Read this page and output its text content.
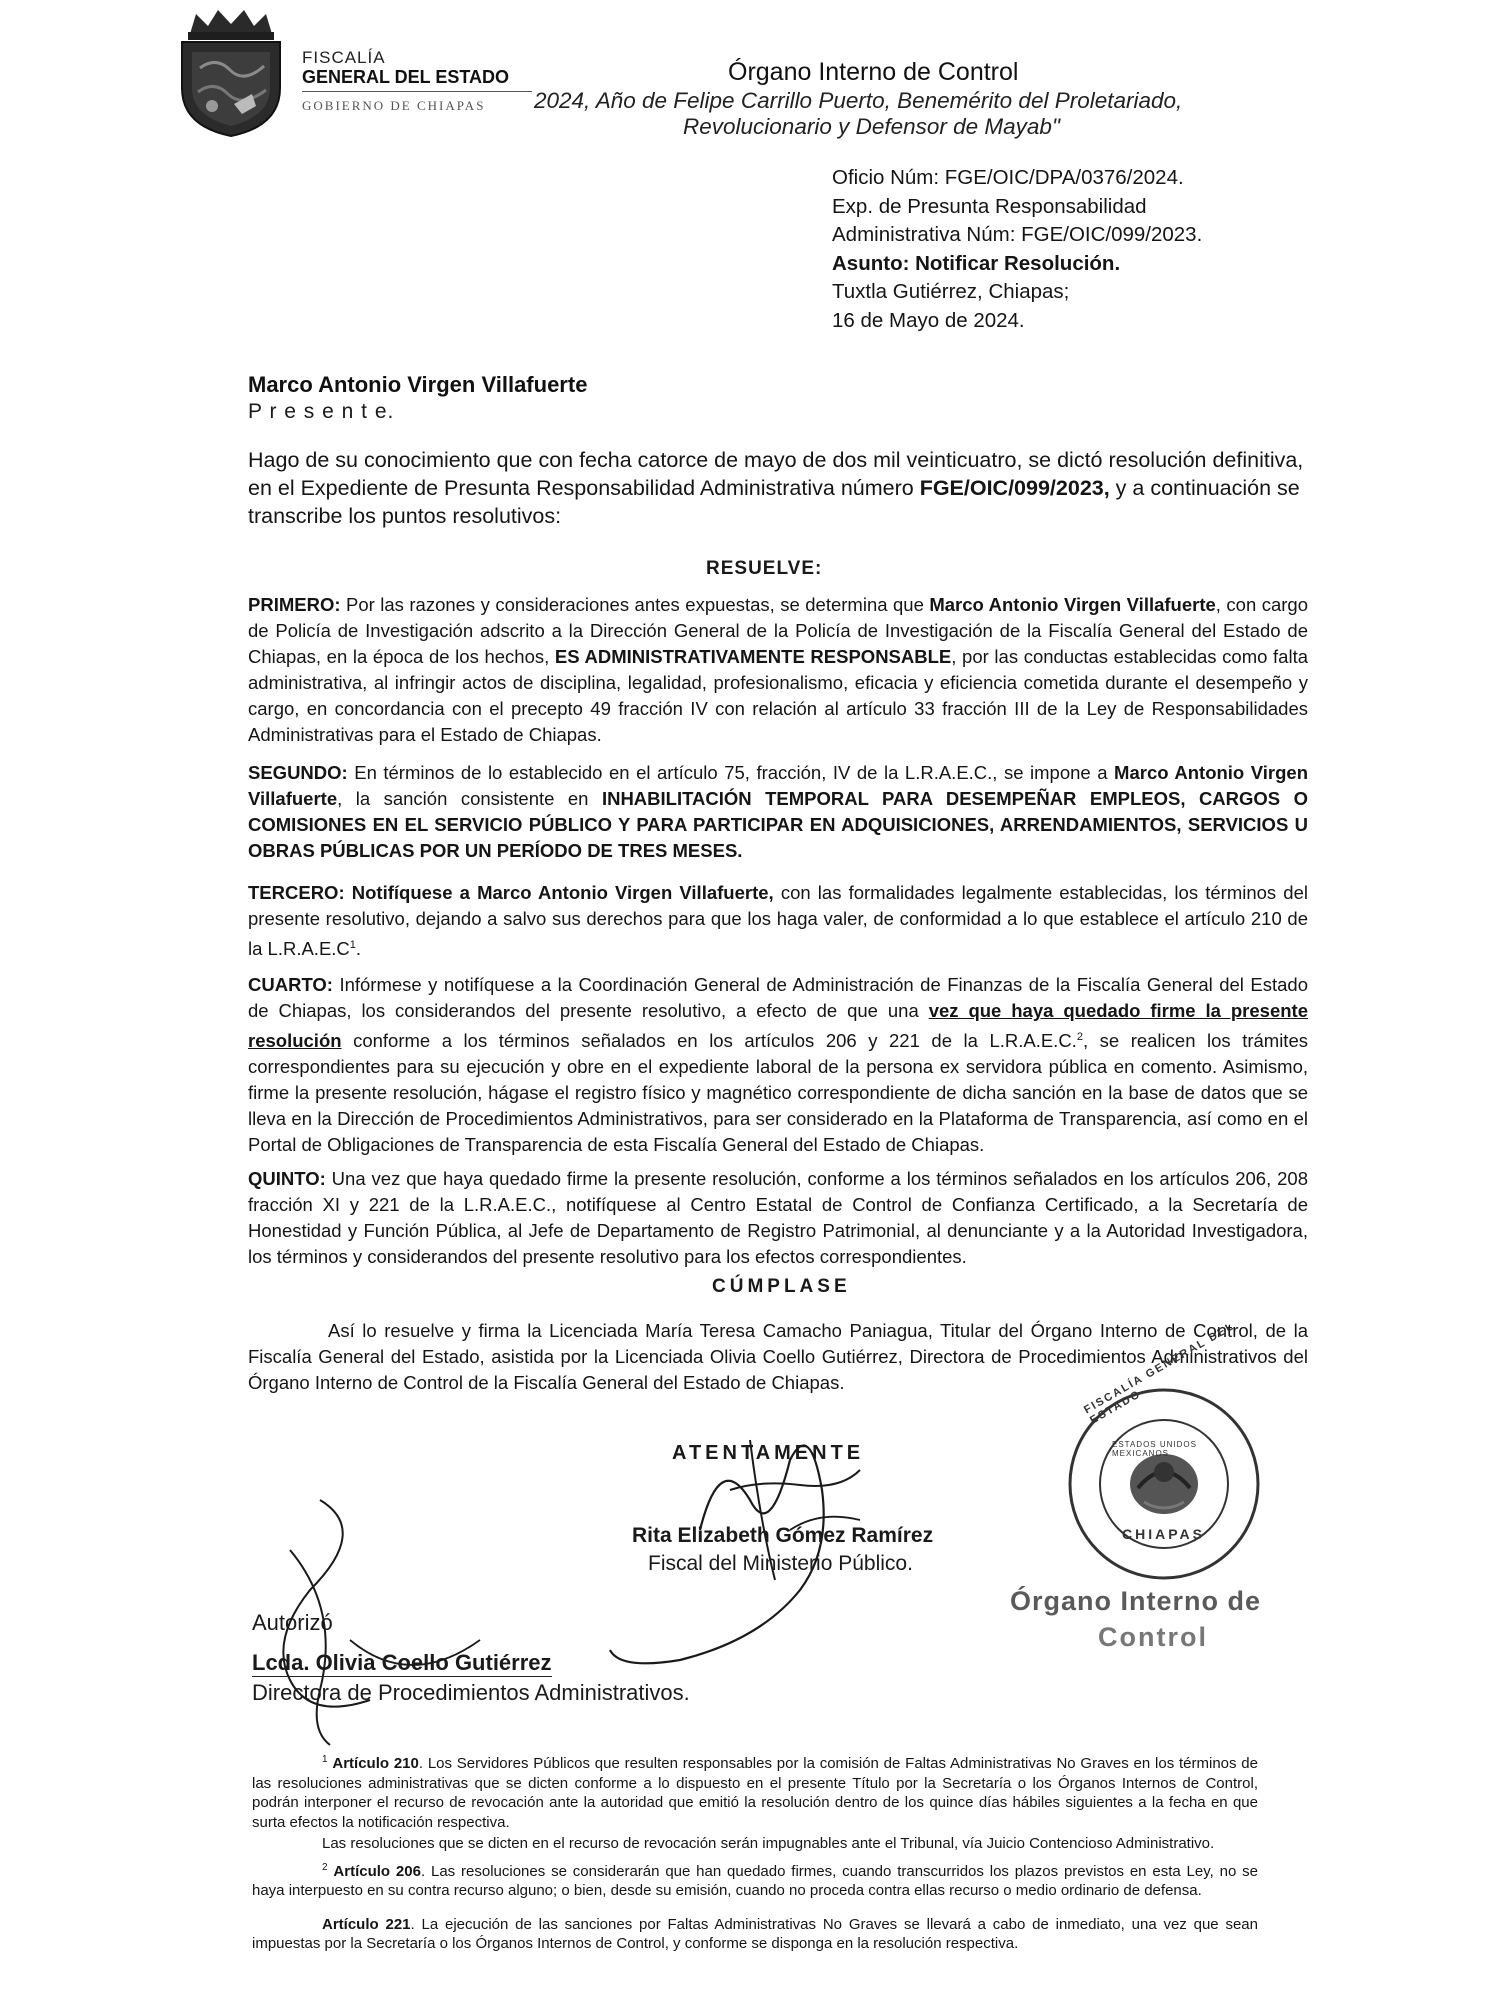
FISCALÍA
GENERAL DEL ESTADO
GOBIERNO DE CHIAPAS
Órgano Interno de Control
2024, Año de Felipe Carrillo Puerto, Benemérito del Proletariado,
Revolucionario y Defensor de Mayab"
Oficio Núm: FGE/OIC/DPA/0376/2024.
Exp. de Presunta Responsabilidad
Administrativa Núm: FGE/OIC/099/2023.
Asunto: Notificar Resolución.
Tuxtla Gutiérrez, Chiapas;
16 de Mayo de 2024.
Marco Antonio Virgen Villafuerte
P r e s e n t e.
Hago de su conocimiento que con fecha catorce de mayo de dos mil veinticuatro, se dictó resolución definitiva, en el Expediente de Presunta Responsabilidad Administrativa número FGE/OIC/099/2023, y a continuación se transcribe los puntos resolutivos:
RESUELVE:
PRIMERO: Por las razones y consideraciones antes expuestas, se determina que Marco Antonio Virgen Villafuerte, con cargo de Policía de Investigación adscrito a la Dirección General de la Policía de Investigación de la Fiscalía General del Estado de Chiapas, en la época de los hechos, ES ADMINISTRATIVAMENTE RESPONSABLE, por las conductas establecidas como falta administrativa, al infringir actos de disciplina, legalidad, profesionalismo, eficacia y eficiencia cometida durante el desempeño y cargo, en concordancia con el precepto 49 fracción IV con relación al artículo 33 fracción III de la Ley de Responsabilidades Administrativas para el Estado de Chiapas.
SEGUNDO: En términos de lo establecido en el artículo 75, fracción, IV de la L.R.A.E.C., se impone a Marco Antonio Virgen Villafuerte, la sanción consistente en INHABILITACIÓN TEMPORAL PARA DESEMPEÑAR EMPLEOS, CARGOS O COMISIONES EN EL SERVICIO PÚBLICO Y PARA PARTICIPAR EN ADQUISICIONES, ARRENDAMIENTOS, SERVICIOS U OBRAS PÚBLICAS POR UN PERÍODO DE TRES MESES.
TERCERO: Notifíquese a Marco Antonio Virgen Villafuerte, con las formalidades legalmente establecidas, los términos del presente resolutivo, dejando a salvo sus derechos para que los haga valer, de conformidad a lo que establece el artículo 210 de la $L.R.A.E.C^1$.
CUARTO: Infórmese y notifíquese a la Coordinación General de Administración de Finanzas de la Fiscalía General del Estado de Chiapas, los considerandos del presente resolutivo, a efecto de que una vez que haya quedado firme la presente resolución conforme a los términos señalados en los artículos 206 y 221 de la L.R.A.E.C.$^2$, se realicen los trámites correspondientes para su ejecución y obre en el expediente laboral de la persona ex servidora pública en comento. Asimismo, firme la presente resolución, hágase el registro físico y magnético correspondiente de dicha sanción en la base de datos que se lleva en la Dirección de Procedimientos Administrativos, para ser considerado en la Plataforma de Transparencia, así como en el Portal de Obligaciones de Transparencia de esta Fiscalía General del Estado de Chiapas.
QUINTO: Una vez que haya quedado firme la presente resolución, conforme a los términos señalados en los artículos 206, 208 fracción XI y 221 de la L.R.A.E.C., notifíquese al Centro Estatal de Control de Confianza Certificado, a la Secretaría de Honestidad y Función Pública, al Jefe de Departamento de Registro Patrimonial, al denunciante y a la Autoridad Investigadora, los términos y considerandos del presente resolutivo para los efectos correspondientes.
CÚMPLASE
Así lo resuelve y firma la Licenciada María Teresa Camacho Paniagua, Titular del Órgano Interno de Control, de la Fiscalía General del Estado, asistida por la Licenciada Olivia Coello Gutiérrez, Directora de Procedimientos Administrativos del Órgano Interno de Control de la Fiscalía General del Estado de Chiapas.
ATENTAMENTE
Rita Elizabeth Gómez Ramírez
Fiscal del Ministerio Público.
FISCALÍA GENERAL DEL ESTADO
ESTADOS UNIDOS MEXICANOS
CHIAPAS
Órgano Interno de
Control
Autorizó
Lcda. Olivia Coello Gutiérrez
Directora de Procedimientos Administrativos.
$^1$ Artículo 210. Los Servidores Públicos que resulten responsables por la comisión de Faltas Administrativas No Graves en los términos de las resoluciones administrativas que se dicten conforme a lo dispuesto en el presente Título por la Secretaría o los Órganos Internos de Control, podrán interponer el recurso de revocación ante la autoridad que emitió la resolución dentro de los quince días hábiles siguientes a la fecha en que surta efectos la notificación respectiva.
Las resoluciones que se dicten en el recurso de revocación serán impugnables ante el Tribunal, vía Juicio Contencioso Administrativo.
$^2$ Artículo 206. Las resoluciones se considerarán que han quedado firmes, cuando transcurridos los plazos previstos en esta Ley, no se haya interpuesto en su contra recurso alguno; o bien, desde su emisión, cuando no proceda contra ellas recurso o medio ordinario de defensa.
Artículo 221. La ejecución de las sanciones por Faltas Administrativas No Graves se llevará a cabo de inmediato, una vez que sean impuestas por la Secretaría o los Órganos Internos de Control, y conforme se disponga en la resolución respectiva.
